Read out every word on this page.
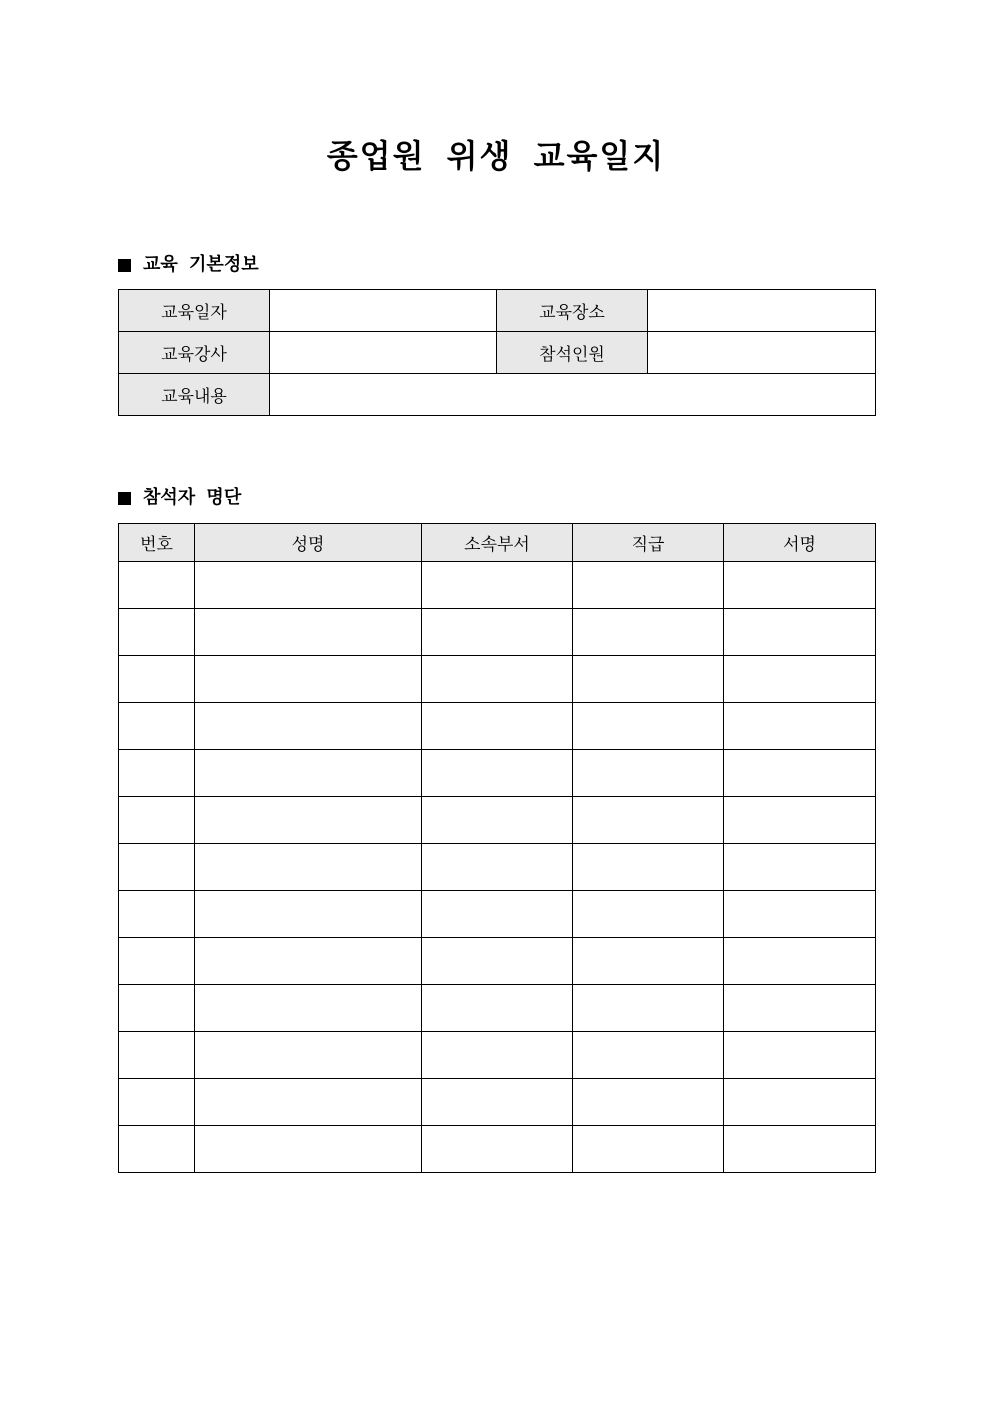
종업원 위생 교육일지
교육 기본정보
교육일자		교육장소	
교육강사		참석인원	
교육내용			
참석자 명단
번호	성명	소속부서	직급	서명
